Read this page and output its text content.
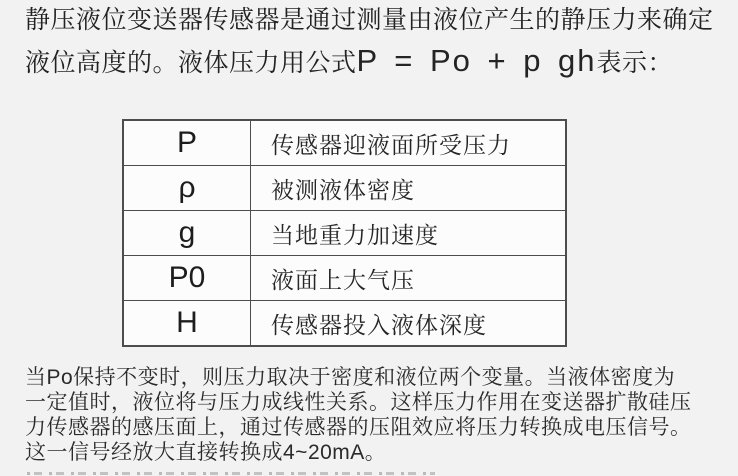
静压液位变送器传感器是通过测量由液位产生的静压力来确定
液位高度的。液体压力用公式P = Po + p gh表示：
P	传感器迎液面所受压力
ρ	被测液体密度
g	当地重力加速度
P0	液面上大气压
H	传感器投入液体深度
当Po保持不变时，则压力取决于密度和液位两个变量。当液体密度为
一定值时，液位将与压力成线性关系。这样压力作用在变送器扩散硅压
力传感器的感压面上，通过传感器的压阻效应将压力转换成电压信号。
这一信号经放大直接转换成4~20mA。
